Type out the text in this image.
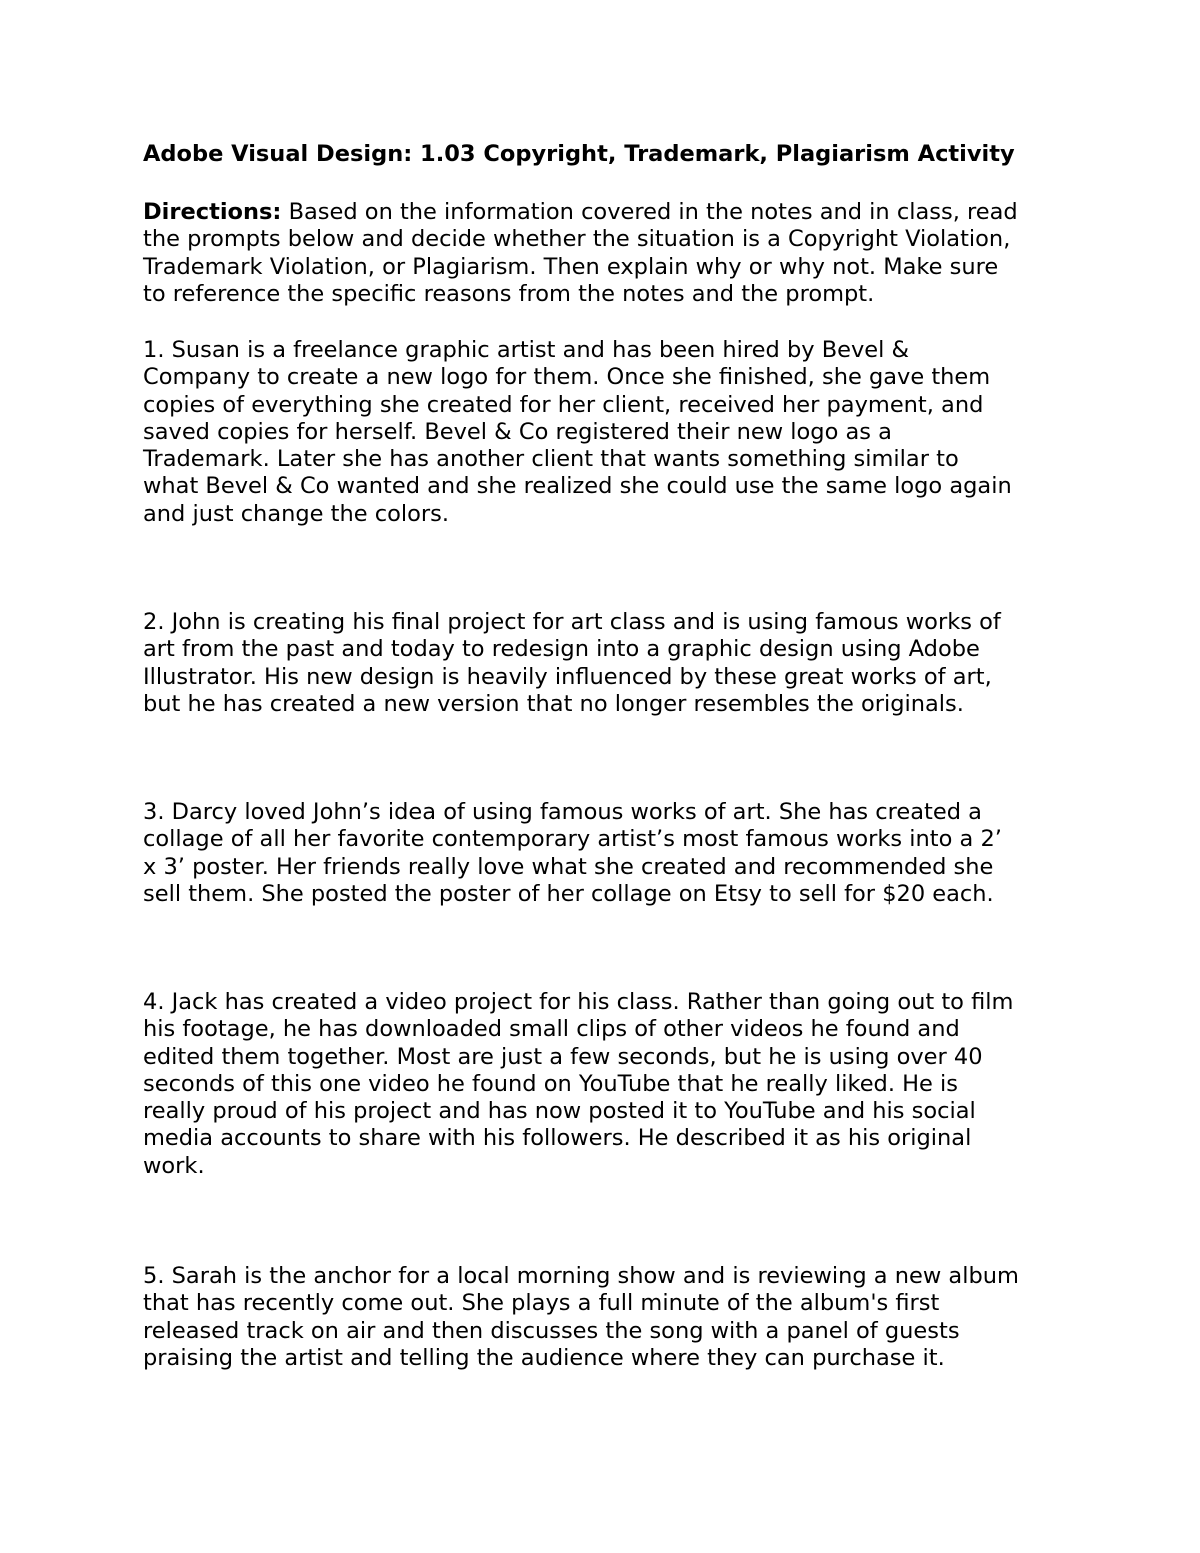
Adobe Visual Design: 1.03 Copyright, Trademark, Plagiarism Activity

Directions: Based on the information covered in the notes and in class, read
the prompts below and decide whether the situation is a Copyright Violation,
Trademark Violation, or Plagiarism. Then explain why or why not. Make sure
to reference the specific reasons from the notes and the prompt.

1. Susan is a freelance graphic artist and has been hired by Bevel &
Company to create a new logo for them. Once she finished, she gave them
copies of everything she created for her client, received her payment, and
saved copies for herself. Bevel & Co registered their new logo as a
Trademark. Later she has another client that wants something similar to
what Bevel & Co wanted and she realized she could use the same logo again
and just change the colors.

2. John is creating his final project for art class and is using famous works of
art from the past and today to redesign into a graphic design using Adobe
Illustrator. His new design is heavily influenced by these great works of art,
but he has created a new version that no longer resembles the originals.

3. Darcy loved John’s idea of using famous works of art. She has created a
collage of all her favorite contemporary artist’s most famous works into a 2’
x 3’ poster. Her friends really love what she created and recommended she
sell them. She posted the poster of her collage on Etsy to sell for $20 each.

4. Jack has created a video project for his class. Rather than going out to film
his footage, he has downloaded small clips of other videos he found and
edited them together. Most are just a few seconds, but he is using over 40
seconds of this one video he found on YouTube that he really liked. He is
really proud of his project and has now posted it to YouTube and his social
media accounts to share with his followers. He described it as his original
work.

5. Sarah is the anchor for a local morning show and is reviewing a new album
that has recently come out. She plays a full minute of the album's first
released track on air and then discusses the song with a panel of guests
praising the artist and telling the audience where they can purchase it.
